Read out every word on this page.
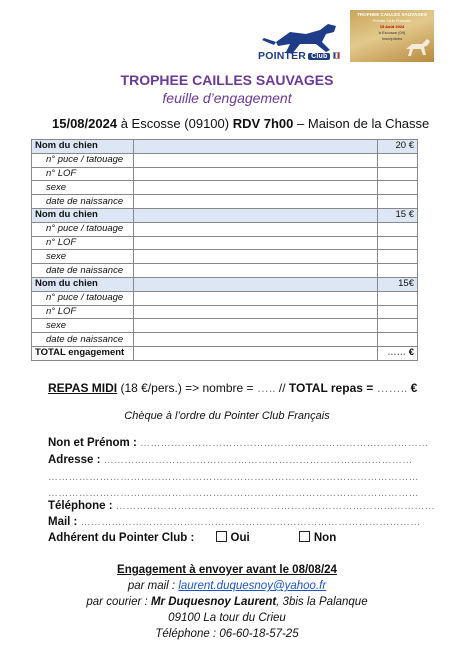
POINTER Club
TROPHEE CAILLES SAUVAGES
Pointer Club Français
15 Août 2024
à Escosse (09)
Inscriptions
TROPHEE CAILLES SAUVAGES
feuille d’engagement
15/08/2024 à Escosse (09100) RDV 7h00 – Maison de la Chasse
Nom du chien		20 €
n° puce / tatouage		
n° LOF		
sexe		
date de naissance		
Nom du chien		15 €
n° puce / tatouage		
n° LOF		
sexe		
date de naissance		
Nom du chien		15€
n° puce / tatouage		
n° LOF		
sexe		
date de naissance		
TOTAL engagement		…… €
REPAS MIDI (18 €/pers.) => nombre = ….. // TOTAL repas = …….. €
Chèque à l’ordre du Pointer Club Français
Non et Prénom : …………………………………………………………………………
Adresse : ………………………………………………………………………………
………………………………………………………………………………………………
………………………………………………………………………………………………
Téléphone : …………………………………………………………………………………
Mail : ………………………………………………………………………………………
Adhérent du Pointer Club :	Oui	Non
Engagement à envoyer avant le 08/08/24
par mail : laurent.duquesnoy@yahoo.fr
par courier : Mr Duquesnoy Laurent, 3bis la Palanque
09100 La tour du Crieu
Téléphone : 06-60-18-57-25
